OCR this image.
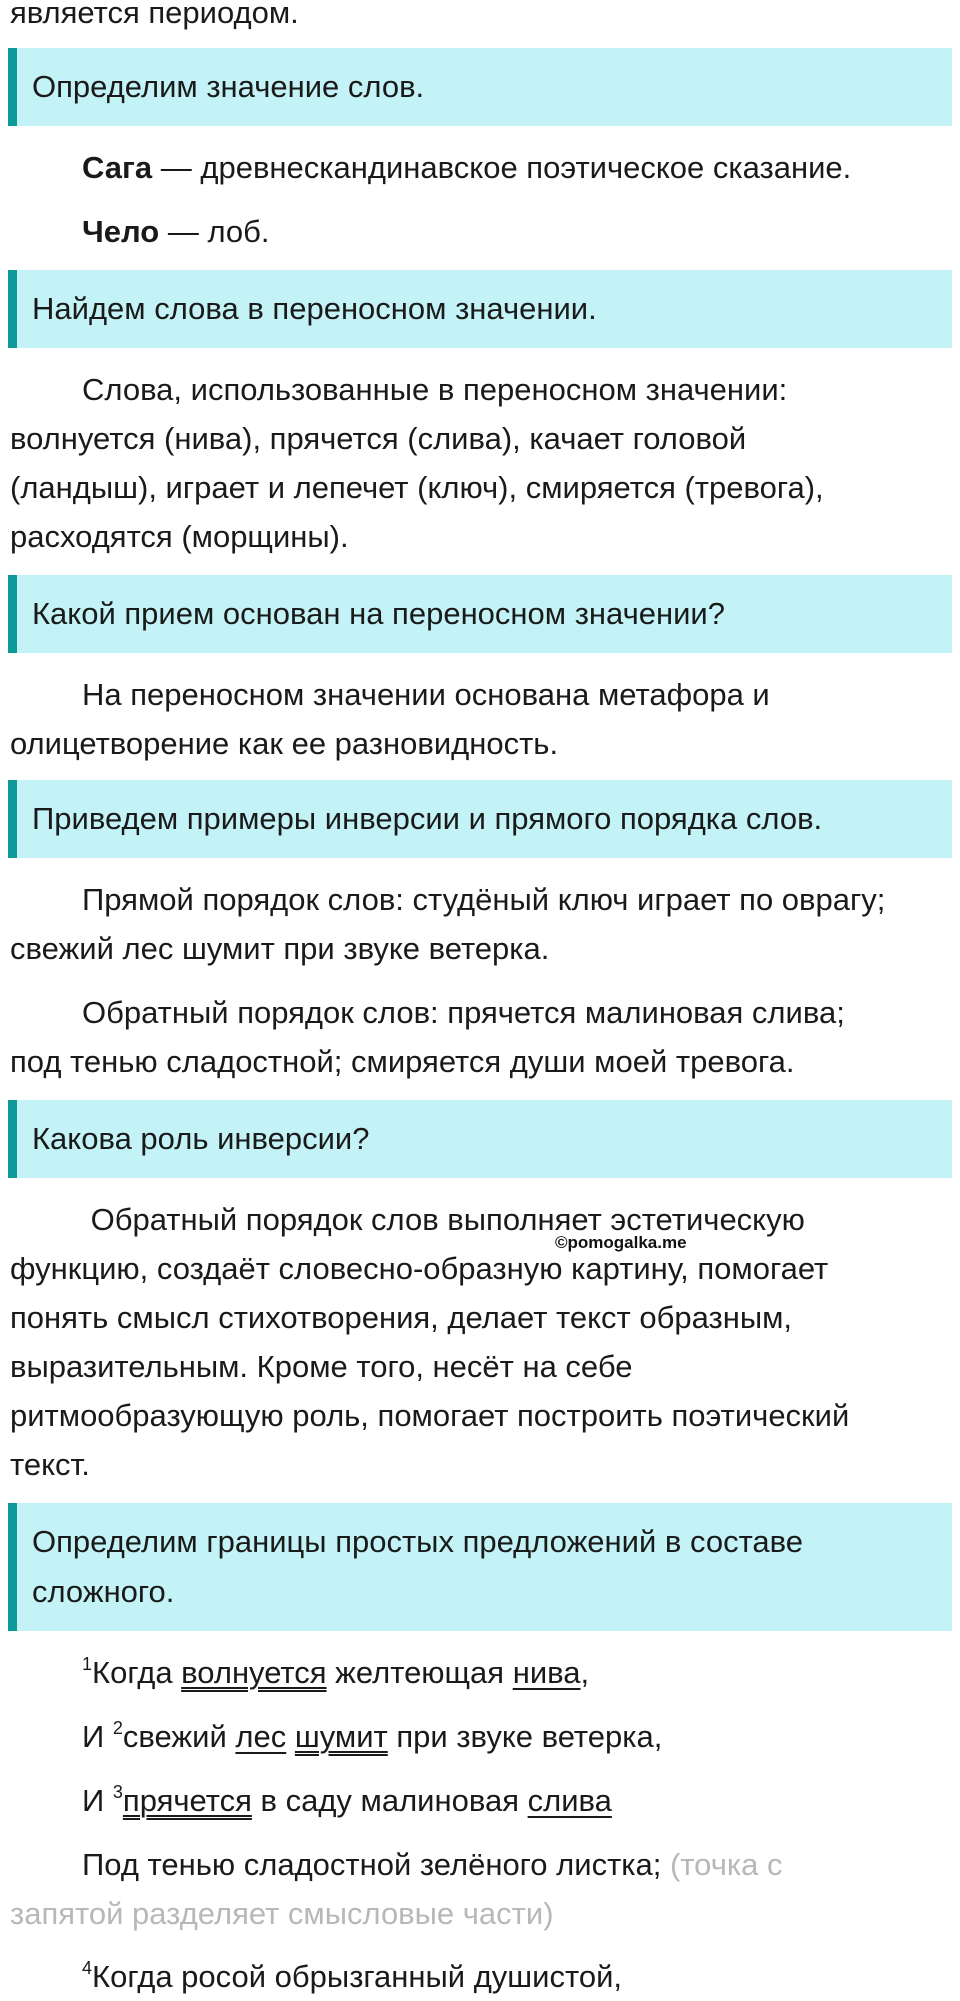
является периодом.
Определим значение слов.
Сага — древнескандинавское поэтическое сказание.
Чело — лоб.
Найдем слова в переносном значении.
Слова, использованные в переносном значении:
волнуется (нива), прячется (слива), качает головой
(ландыш), играет и лепечет (ключ), смиряется (тревога),
расходятся (морщины).
Какой прием основан на переносном значении?
На переносном значении основана метафора и
олицетворение как ее разновидность.
Приведем примеры инверсии и прямого порядка слов.
Прямой порядок слов: студёный ключ играет по оврагу;
свежий лес шумит при звуке ветерка.
Обратный порядок слов: прячется малиновая слива;
под тенью сладостной; смиряется души моей тревога.
Какова роль инверсии?
Обратный порядок слов выполняет эстетическую
функцию, создаёт словесно-образную картину, помогает
понять смысл стихотворения, делает текст образным,
выразительным. Кроме того, несёт на себе
ритмообразующую роль, помогает построить поэтический
текст.
©pomogalka.me
Определим границы простых предложений в составе
сложного.
$^1$Когда волнуется желтеющая нива,
И $^2$свежий лес шумит при звуке ветерка,
И $^3$прячется в саду малиновая слива
Под тенью сладостной зелёного листка; (точка с
запятой разделяет смысловые части)
$^4$Когда росой обрызганный душистой,
